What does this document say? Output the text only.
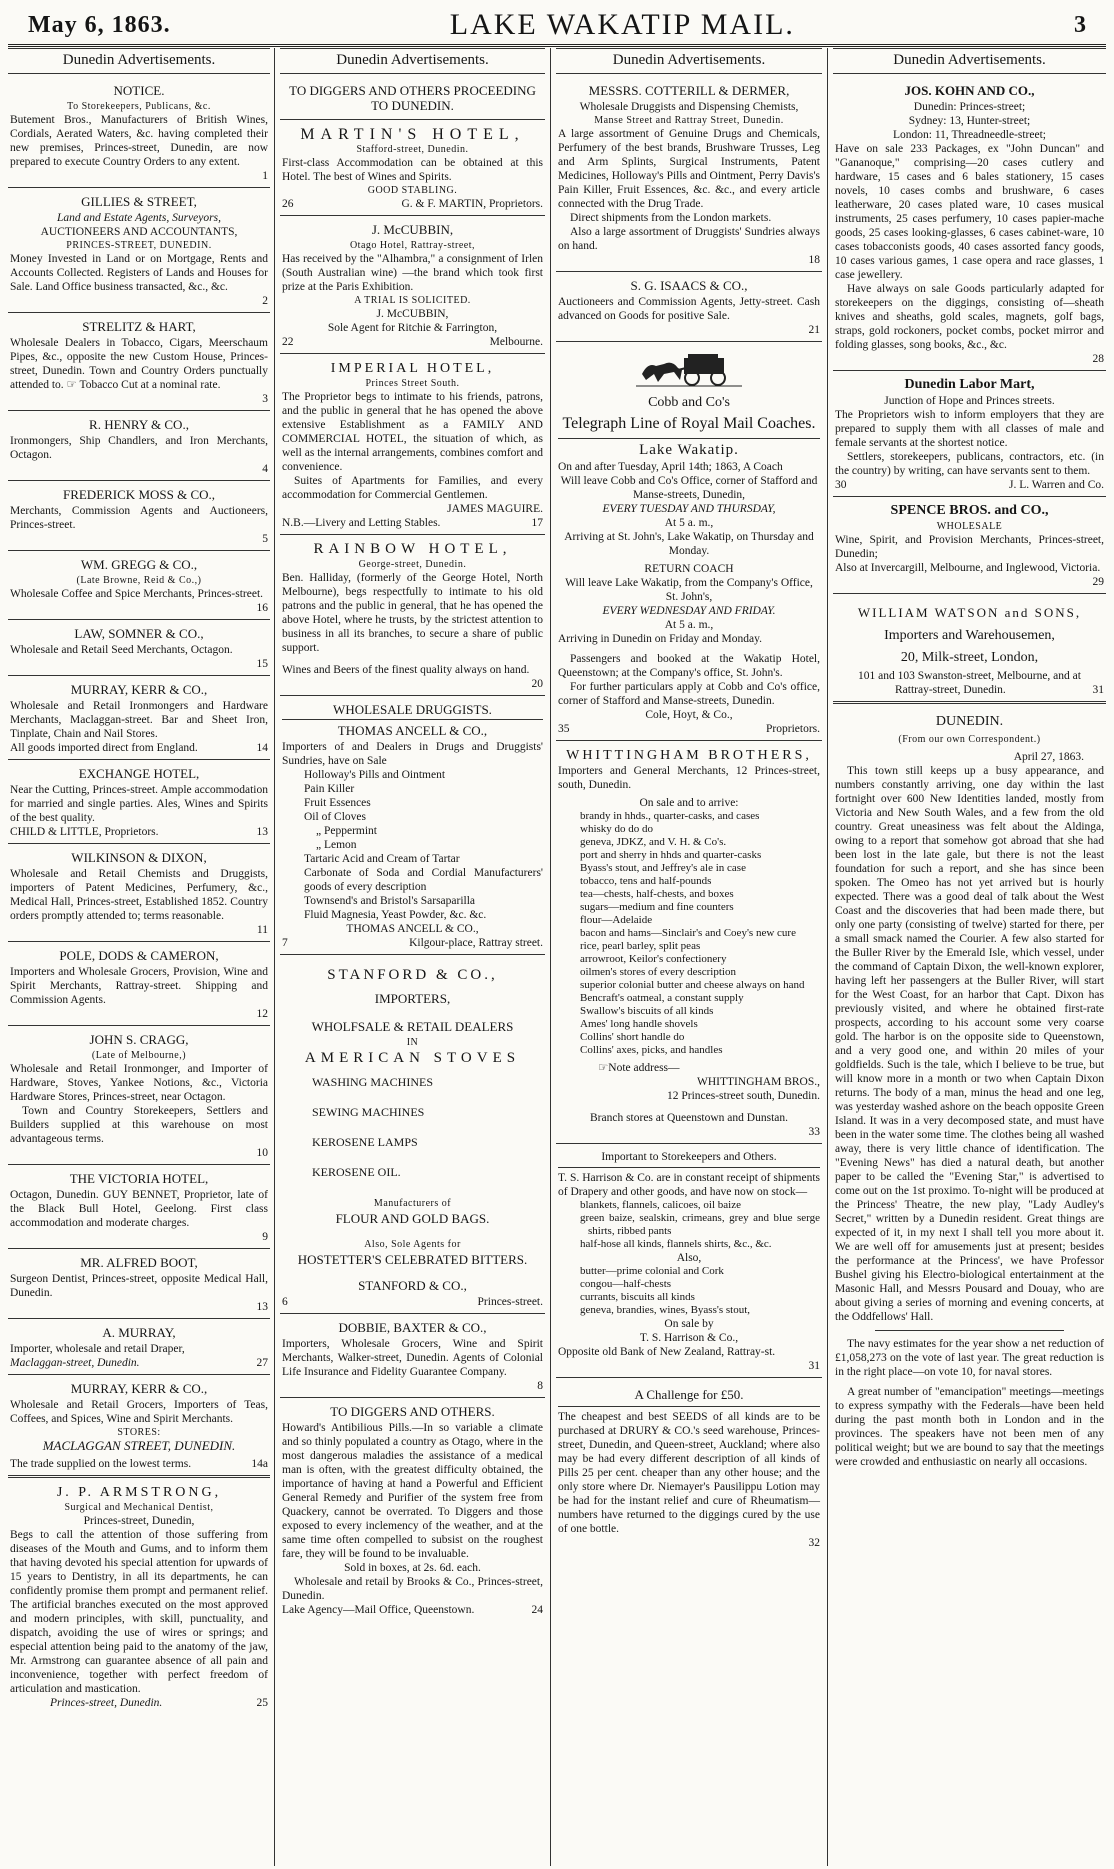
May 6, 1863.	LAKE WAKATIP MAIL.	3
Dunedin Advertisements.
NOTICE.
To Storekeepers, Publicans, &c.

Butement Bros., Manufacturers of British Wines, Cordials, Aerated Waters, &c. having completed their new premises, Princes-street, Dunedin, are now prepared to execute Country Orders to any extent.

1
GILLIES & STREET,
Land and Estate Agents, Surveyors,
AUCTIONEERS AND ACCOUNTANTS,
PRINCES-STREET, DUNEDIN.

Money Invested in Land or on Mortgage, Rents and Accounts Collected. Registers of Lands and Houses for Sale. Land Office business transacted, &c., &c.

2
STRELITZ & HART,

Wholesale Dealers in Tobacco, Cigars, Meerschaum Pipes, &c., opposite the new Custom House, Princes-street, Dunedin. Town and Country Orders punctually attended to. ☞ Tobacco Cut at a nominal rate.

3
R. HENRY & CO.,

Ironmongers, Ship Chandlers, and Iron Merchants, Octagon.

4
FREDERICK MOSS & CO.,

Merchants, Commission Agents and Auctioneers, Princes-street.

5
WM. GREGG & CO.,
(Late Browne, Reid & Co.,)

Wholesale Coffee and Spice Merchants, Princes-street.

16
LAW, SOMNER & CO.,

Wholesale and Retail Seed Merchants, Octagon.

15
MURRAY, KERR & CO.,

Wholesale and Retail Ironmongers and Hardware Merchants, Maclaggan-street. Bar and Sheet Iron, Tinplate, Chain and Nail Stores.

All goods imported direct from England.	14
EXCHANGE HOTEL,

Near the Cutting, Princes-street. Ample accommodation for married and single parties. Ales, Wines and Spirits of the best quality.

CHILD & LITTLE, Proprietors.	13
WILKINSON & DIXON,

Wholesale and Retail Chemists and Druggists, importers of Patent Medicines, Perfumery, &c., Medical Hall, Princes-street, Established 1852. Country orders promptly attended to; terms reasonable.

11
POLE, DODS & CAMERON,

Importers and Wholesale Grocers, Provision, Wine and Spirit Merchants, Rattray-street. Shipping and Commission Agents.

12
JOHN S. CRAGG,
(Late of Melbourne,)

Wholesale and Retail Ironmonger, and Importer of Hardware, Stoves, Yankee Notions, &c., Victoria Hardware Stores, Princes-street, near Octagon.

Town and Country Storekeepers, Settlers and Builders supplied at this warehouse on most advantageous terms.

10
THE VICTORIA HOTEL,

Octagon, Dunedin. GUY BENNET, Proprietor, late of the Black Bull Hotel, Geelong. First class accommodation and moderate charges.

9
MR. ALFRED BOOT,

Surgeon Dentist, Princes-street, opposite Medical Hall, Dunedin.

13
A. MURRAY,

Importer, wholesale and retail Draper,

Maclaggan-street, Dunedin.	27
MURRAY, KERR & CO.,

Wholesale and Retail Grocers, Importers of Teas, Coffees, and Spices, Wine and Spirit Merchants.

STORES:
MACLAGGAN STREET, DUNEDIN.
The trade supplied on the lowest terms.	14a
J. P. ARMSTRONG,
Surgical and Mechanical Dentist,
Princes-street, Dunedin,

Begs to call the attention of those suffering from diseases of the Mouth and Gums, and to inform them that having devoted his special attention for upwards of 15 years to Dentistry, in all its departments, he can confidently promise them prompt and permanent relief. The artificial branches executed on the most approved and modern principles, with skill, punctuality, and dispatch, avoiding the use of wires or springs; and especial attention being paid to the anatomy of the jaw, Mr. Armstrong can guarantee absence of all pain and inconvenience, together with perfect freedom of articulation and mastication.

Princes-street, Dunedin.	25
Dunedin Advertisements.
TO DIGGERS AND OTHERS PROCEEDING TO DUNEDIN.
MARTIN'S HOTEL,
Stafford-street, Dunedin.

First-class Accommodation can be obtained at this Hotel. The best of Wines and Spirits.

GOOD STABLING.
26	G. & F. MARTIN, Proprietors.
J. McCUBBIN,
Otago Hotel, Rattray-street,

Has received by the "Alhambra," a consignment of Irlen (South Australian wine) —the brand which took first prize at the Paris Exhibition.

A TRIAL IS SOLICITED.
J. McCUBBIN,
Sole Agent for Ritchie & Farrington,
22	Melbourne.
IMPERIAL HOTEL,
Princes Street South.

The Proprietor begs to intimate to his friends, patrons, and the public in general that he has opened the above extensive Establishment as a FAMILY AND COMMERCIAL HOTEL, the situation of which, as well as the internal arrangements, combines comfort and convenience.

Suites of Apartments for Families, and every accommodation for Commercial Gentlemen.

JAMES MAGUIRE.
N.B.—Livery and Letting Stables.	17
RAINBOW HOTEL,
George-street, Dunedin.

Ben. Halliday, (formerly of the George Hotel, North Melbourne), begs respectfully to intimate to his old patrons and the public in general, that he has opened the above Hotel, where he trusts, by the strictest attention to business in all its branches, to secure a share of public support.

Wines and Beers of the finest quality always on hand.

20
WHOLESALE DRUGGISTS.
THOMAS ANCELL & CO.,

Importers of and Dealers in Drugs and Druggists' Sundries, have on Sale

Holloway's Pills and Ointment
Pain Killer
Fruit Essences
Oil of Cloves
„ Peppermint
„ Lemon
Tartaric Acid and Cream of Tartar
Carbonate of Soda and Cordial Manufacturers' goods of every description
Townsend's and Bristol's Sarsaparilla
Fluid Magnesia, Yeast Powder, &c. &c.
THOMAS ANCELL & CO.,
7	Kilgour-place, Rattray street.
STANFORD & CO.,
IMPORTERS,
WHOLFSALE & RETAIL DEALERS
IN
AMERICAN STOVES
WASHING MACHINES
SEWING MACHINES
KEROSENE LAMPS
KEROSENE OIL.
Manufacturers of
FLOUR AND GOLD BAGS.
Also, Sole Agents for
HOSTETTER'S CELEBRATED BITTERS.
STANFORD & CO.,
6	Princes-street.
DOBBIE, BAXTER & CO.,

Importers, Wholesale Grocers, Wine and Spirit Merchants, Walker-street, Dunedin. Agents of Colonial Life Insurance and Fidelity Guarantee Company.

8
TO DIGGERS AND OTHERS.

Howard's Antibilious Pills.—In so variable a climate and so thinly populated a country as Otago, where in the most dangerous maladies the assistance of a medical man is often, with the greatest difficulty obtained, the importance of having at hand a Powerful and Efficient General Remedy and Purifier of the system free from Quackery, cannot be overrated. To Diggers and those exposed to every inclemency of the weather, and at the same time often compelled to subsist on the roughest fare, they will be found to be invaluable.

Sold in boxes, at 2s. 6d. each.

Wholesale and retail by Brooks & Co., Princes-street, Dunedin.

Lake Agency—Mail Office, Queenstown.	24
Dunedin Advertisements.
MESSRS. COTTERILL & DERMER,
Wholesale Druggists and Dispensing Chemists,
Manse Street and Rattray Street, Dunedin.

A large assortment of Genuine Drugs and Chemicals, Perfumery of the best brands, Brushware Trusses, Leg and Arm Splints, Surgical Instruments, Patent Medicines, Holloway's Pills and Ointment, Perry Davis's Pain Killer, Fruit Essences, &c. &c., and every article connected with the Drug Trade.

Direct shipments from the London markets.

Also a large assortment of Druggists' Sundries always on hand.

18
S. G. ISAACS & CO.,

Auctioneers and Commission Agents, Jetty-street. Cash advanced on Goods for positive Sale.

21
Cobb and Co's
Telegraph Line of Royal Mail Coaches.
Lake Wakatip.

On and after Tuesday, April 14th; 1863, A Coach

Will leave Cobb and Co's Office, corner of Stafford and Manse-streets, Dunedin,

EVERY TUESDAY AND THURSDAY,
At 5 a. m.,

Arriving at St. John's, Lake Wakatip, on Thursday and Monday.

RETURN COACH

Will leave Lake Wakatip, from the Company's Office, St. John's,

EVERY WEDNESDAY AND FRIDAY.
At 5 a. m.,

Arriving in Dunedin on Friday and Monday.

Passengers and booked at the Wakatip Hotel, Queenstown; at the Company's office, St. John's.

For further particulars apply at Cobb and Co's office, corner of Stafford and Manse-streets, Dunedin.

Cole, Hoyt, & Co.,
35	Proprietors.
WHITTINGHAM BROTHERS,

Importers and General Merchants, 12 Princes-street, south, Dunedin.

On sale and to arrive:

brandy in hhds., quarter-casks, and cases

whisky do do do

geneva, JDKZ, and V. H. & Co's.

port and sherry in hhds and quarter-casks

Byass's stout, and Jeffrey's ale in case

tobacco, tens and half-pounds

tea—chests, half-chests, and boxes

sugars—medium and fine counters

flour—Adelaide

bacon and hams—Sinclair's and Coey's new cure

rice, pearl barley, split peas

arrowroot, Keilor's confectionery

oilmen's stores of every description

superior colonial butter and cheese always on hand

Bencraft's oatmeal, a constant supply

Swallow's biscuits of all kinds

Ames' long handle shovels

Collins' short handle do

Collins' axes, picks, and handles

☞Note address—
WHITTINGHAM BROS.,
12 Princes-street south, Dunedin.
Branch stores at Queenstown and Dunstan.
33
Important to Storekeepers and Others.

T. S. Harrison & Co. are in constant receipt of shipments of Drapery and other goods, and have now on stock—

blankets, flannels, calicoes, oil baize

green baize, sealskin, crimeans, grey and blue serge shirts, ribbed pants

half-hose all kinds, flannels shirts, &c., &c.

Also,

butter—prime colonial and Cork

congou—half-chests

currants, biscuits all kinds

geneva, brandies, wines, Byass's stout,

On sale by
T. S. Harrison & Co.,
Opposite old Bank of New Zealand, Rattray-st.
31
A Challenge for £50.

The cheapest and best SEEDS of all kinds are to be purchased at DRURY & CO.'s seed warehouse, Princes-street, Dunedin, and Queen-street, Auckland; where also may be had every different description of all kinds of Pills 25 per cent. cheaper than any other house; and the only store where Dr. Niemayer's Pausilippu Lotion may be had for the instant relief and cure of Rheumatism—numbers have returned to the diggings cured by the use of one bottle.

32
Dunedin Advertisements.
JOS. KOHN AND CO.,
Dunedin: Princes-street;
Sydney: 13, Hunter-street;
London: 11, Threadneedle-street;

Have on sale 233 Packages, ex "John Duncan" and "Gananoque," comprising—20 cases cutlery and hardware, 15 cases and 6 bales stationery, 15 cases novels, 10 cases combs and brushware, 6 cases leatherware, 20 cases plated ware, 10 cases musical instruments, 25 cases perfumery, 10 cases papier-mache goods, 25 cases looking-glasses, 6 cases cabinet-ware, 10 cases tobacconists goods, 40 cases assorted fancy goods, 10 cases various games, 1 case opera and race glasses, 1 case jewellery.

Have always on sale Goods particularly adapted for storekeepers on the diggings, consisting of—sheath knives and sheaths, gold scales, magnets, golf bags, straps, gold rockoners, pocket combs, pocket mirror and folding glasses, song books, &c., &c.

28
Dunedin Labor Mart,
Junction of Hope and Princes streets.

The Proprietors wish to inform employers that they are prepared to supply them with all classes of male and female servants at the shortest notice.

Settlers, storekeepers, publicans, contractors, etc. (in the country) by writing, can have servants sent to them.

30	J. L. Warren and Co.
SPENCE BROS. and CO.,
WHOLESALE

Wine, Spirit, and Provision Merchants, Princes-street, Dunedin;

Also at Invercargill, Melbourne, and Inglewood, Victoria.

29
WILLIAM WATSON and SONS,
Importers and Warehousemen,
20, Milk-street, London,
101 and 103 Swanston-street, Melbourne, and at
Rattray-street, Dunedin.	31
DUNEDIN.
(From our own Correspondent.)
April 27, 1863.

This town still keeps up a busy appearance, and numbers constantly arriving, one day within the last fortnight over 600 New Identities landed, mostly from Victoria and New South Wales, and a few from the old country. Great uneasiness was felt about the Aldinga, owing to a report that somehow got abroad that she had been lost in the late gale, but there is not the least foundation for such a report, and she has since been spoken. The Omeo has not yet arrived but is hourly expected. There was a good deal of talk about the West Coast and the discoveries that had been made there, but only one party (consisting of twelve) started for there, per a small smack named the Courier. A few also started for the Buller River by the Emerald Isle, which vessel, under the command of Captain Dixon, the well-known explorer, having left her passengers at the Buller River, will start for the West Coast, for an harbor that Capt. Dixon has previously visited, and where he obtained first-rate prospects, according to his account some very coarse gold. The harbor is on the opposite side to Queenstown, and a very good one, and within 20 miles of your goldfields. Such is the tale, which I believe to be true, but will know more in a month or two when Captain Dixon returns. The body of a man, minus the head and one leg, was yesterday washed ashore on the beach opposite Green Island. It was in a very decomposed state, and must have been in the water some time. The clothes being all washed away, there is very little chance of identification. The "Evening News" has died a natural death, but another paper to be called the "Evening Star," is advertised to come out on the 1st proximo. To-night will be produced at the Princess' Theatre, the new play, "Lady Audley's Secret," written by a Dunedin resident. Great things are expected of it, in my next I shall tell you more about it. We are well off for amusements just at present; besides the performance at the Princess', we have Professor Bushel giving his Electro-biological entertainment at the Masonic Hall, and Messrs Pousard and Douay, who are about giving a series of morning and evening concerts, at the Oddfellows' Hall.

The navy estimates for the year show a net reduction of £1,058,273 on the vote of last year. The great reduction is in the right place—on vote 10, for naval stores.

A great number of "emancipation" meetings—meetings to express sympathy with the Federals—have been held during the past month both in London and in the provinces. The speakers have not been men of any political weight; but we are bound to say that the meetings were crowded and enthusiastic on nearly all occasions.
